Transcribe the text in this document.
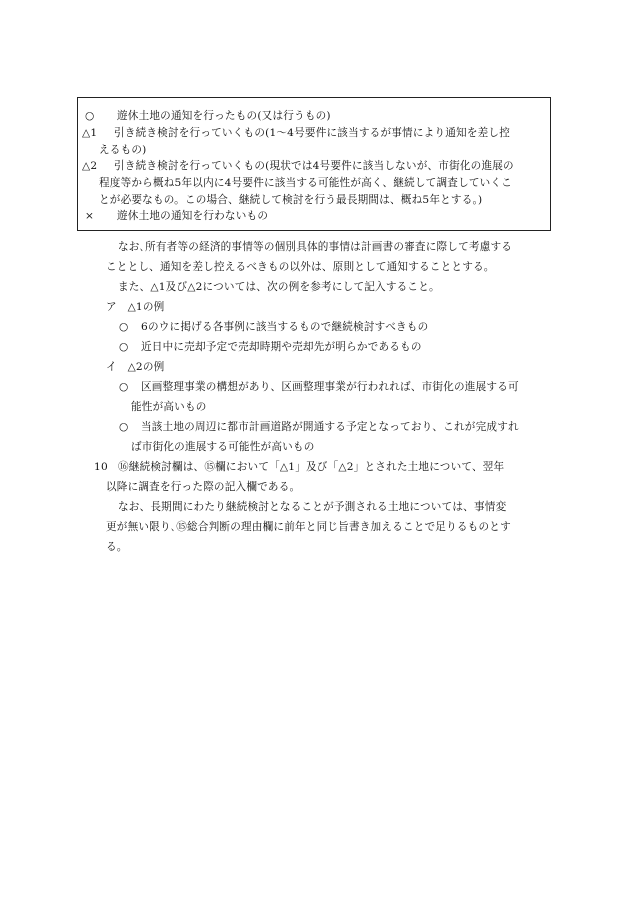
○ 遊休土地の通知を行ったもの(又は行うもの)
△1 引き続き検討を行っていくもの(1～4号要件に該当するが事情により通知を差し控
えるもの)
△2 引き続き検討を行っていくもの(現状では4号要件に該当しないが、市街化の進展の
程度等から概ね5年以内に4号要件に該当する可能性が高く、継続して調査していくこ
とが必要なもの。この場合、継続して検討を行う最長期間は、概ね5年とする。)
× 遊休土地の通知を行わないもの
なお､所有者等の経済的事情等の個別具体的事情は計画書の審査に際して考慮する
こととし、通知を差し控えるべきもの以外は、原則として通知することとする。
また、△1及び△2については、次の例を参考にして記入すること。
ア　△1の例
○ 6のウに掲げる各事例に該当するもので継続検討すべきもの
○ 近日中に売却予定で売却時期や売却先が明らかであるもの
イ　△2の例
○ 区画整理事業の構想があり、区画整理事業が行われれば、市街化の進展する可
能性が高いもの
○ 当該土地の周辺に都市計画道路が開通する予定となっており、これが完成すれ
ば市街化の進展する可能性が高いもの
10 ⑯継続検討欄は、⑮欄において「△1」及び「△2」とされた土地について、翌年
以降に調査を行った際の記入欄である。
なお、長期間にわたり継続検討となることが予測される土地については、事情変
更が無い限り､⑮総合判断の理由欄に前年と同じ旨書き加えることで足りるものとす
る。
